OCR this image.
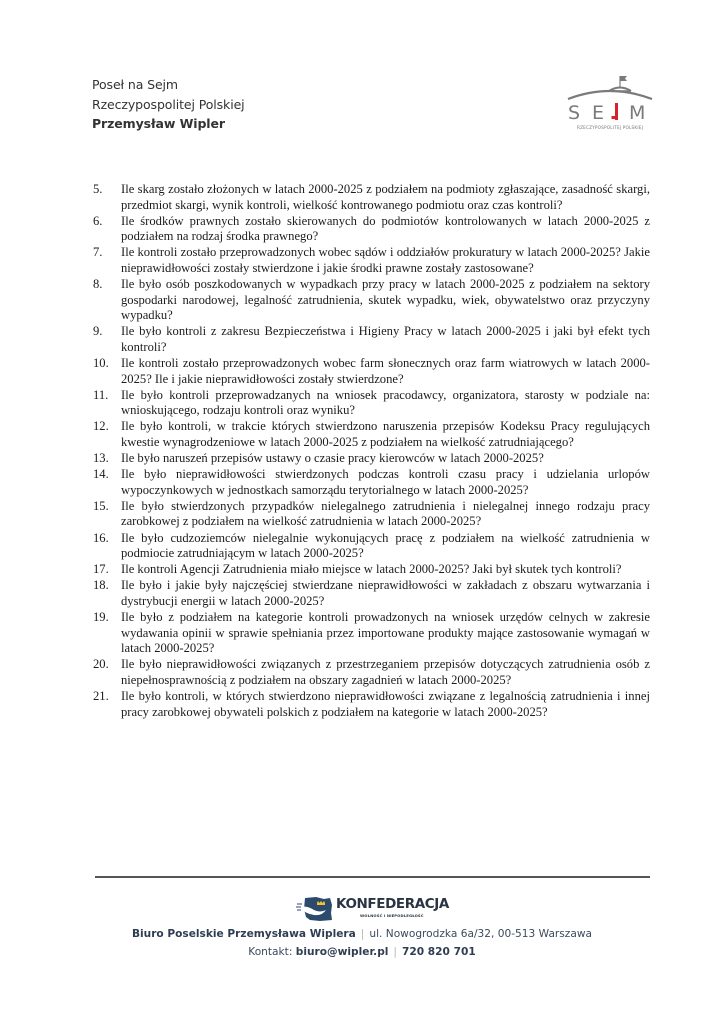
Poseł na Sejm
Rzeczypospolitej Polskiej
Przemysław Wipler	S E M
RZECZYPOSPOLITEJ POLSKIEJ
5.	Ile skarg zostało złożonych w latach 2000-2025 z podziałem na podmioty zgłaszające, zasadność skargi, przedmiot skargi, wynik kontroli, wielkość kontrowanego podmiotu oraz czas kontroli?
6.	Ile środków prawnych zostało skierowanych do podmiotów kontrolowanych w latach 2000-2025 z podziałem na rodzaj środka prawnego?
7.	Ile kontroli zostało przeprowadzonych wobec sądów i oddziałów prokuratury w latach 2000-2025? Jakie nieprawidłowości zostały stwierdzone i jakie środki prawne zostały zastosowane?
8.	Ile było osób poszkodowanych w wypadkach przy pracy w latach 2000-2025 z podziałem na sektory gospodarki narodowej, legalność zatrudnienia, skutek wypadku, wiek, obywatelstwo oraz przyczyny wypadku?
9.	Ile było kontroli z zakresu Bezpieczeństwa i Higieny Pracy w latach 2000-2025 i jaki był efekt tych kontroli?
10. Ile kontroli zostało przeprowadzonych wobec farm słonecznych oraz farm wiatrowych w latach 2000-2025? Ile i jakie nieprawidłowości zostały stwierdzone?
11.	Ile było kontroli przeprowadzanych na wniosek pracodawcy, organizatora, starosty w podziale na: wnioskującego, rodzaju kontroli oraz wyniku?
12. Ile było kontroli, w trakcie których stwierdzono naruszenia przepisów Kodeksu Pracy regulujących kwestie wynagrodzeniowe w latach 2000-2025 z podziałem na wielkość zatrudniającego?
13. Ile było naruszeń przepisów ustawy o czasie pracy kierowców w latach 2000-2025?
14. Ile było nieprawidłowości stwierdzonych podczas kontroli czasu pracy i udzielania urlopów wypoczynkowych w jednostkach samorządu terytorialnego w latach 2000-2025?
15. Ile było stwierdzonych przypadków nielegalnego zatrudnienia i nielegalnej innego rodzaju pracy zarobkowej z podziałem na wielkość zatrudnienia w latach 2000-2025?
16. Ile było cudzoziemców nielegalnie wykonujących pracę z podziałem na wielkość zatrudnienia w podmiocie zatrudniającym w latach 2000-2025?
17. Ile kontroli Agencji Zatrudnienia miało miejsce w latach 2000-2025? Jaki był skutek tych kontroli?
18. Ile było i jakie były najczęściej stwierdzane nieprawidłowości w zakładach z obszaru wytwarzania i dystrybucji energii w latach 2000-2025?
19. Ile było z podziałem na kategorie kontroli prowadzonych na wniosek urzędów celnych w zakresie wydawania opinii w sprawie spełniania przez importowane produkty mające zastosowanie wymagań w latach 2000-2025?
20. Ile było nieprawidłowości związanych z przestrzeganiem przepisów dotyczących zatrudnienia osób z niepełnosprawnością z podziałem na obszary zagadnień w latach 2000-2025?
21. Ile było kontroli, w których stwierdzono nieprawidłowości związane z legalnością zatrudnienia i innej pracy zarobkowej obywateli polskich z podziałem na kategorie w latach 2000-2025?
KONFEDERACJA
WOLNOŚĆ I NIEPODLEGŁOŚĆ
Biuro Poselskie Przemysława Wiplera | ul. Nowogrodzka 6a/32, 00-513 Warszawa
Kontakt: biuro@wipler.pl | 720 820 701
